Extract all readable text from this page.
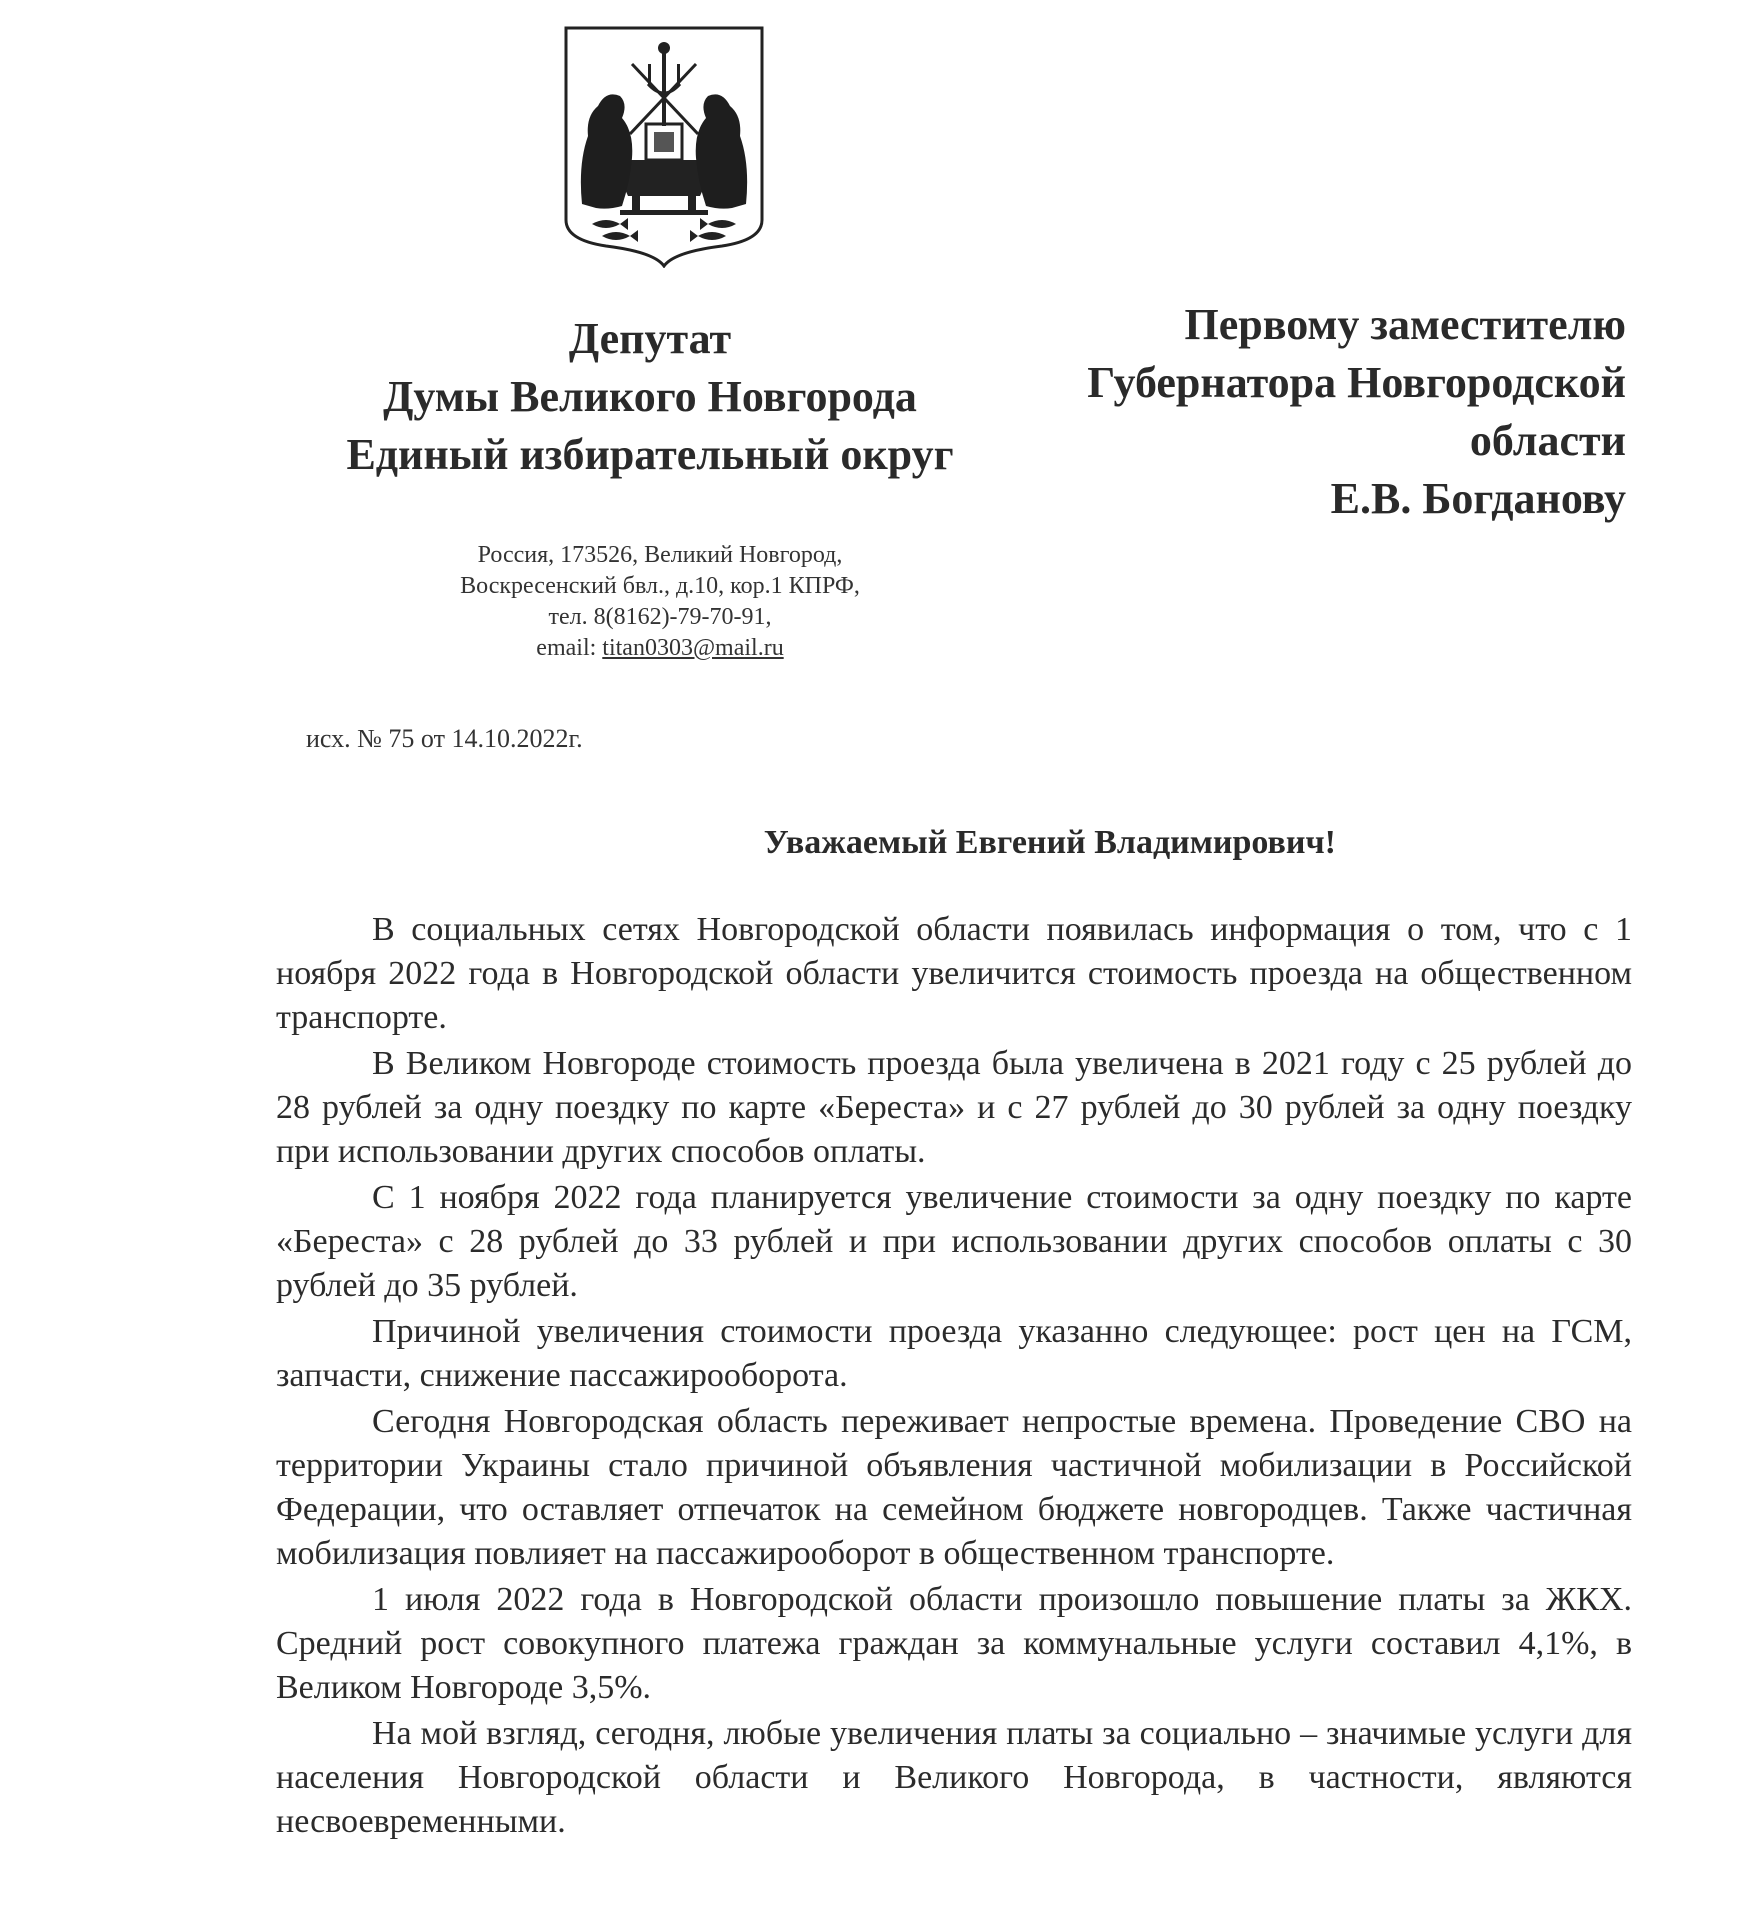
Депутат
Думы Великого Новгорода
Единый избирательный округ
Первому заместителю
Губернатора Новгородской
области
Е.В. Богданову
Россия, 173526, Великий Новгород,
Воскресенский бвл., д.10, кор.1 КПРФ,
тел. 8(8162)-79-70-91,
email: titan0303@mail.ru
исх. № 75 от 14.10.2022г.
Уважаемый Евгений Владимирович!

В социальных сетях Новгородской области появилась информация о том, что с 1 ноября 2022 года в Новгородской области увеличится стоимость проезда на общественном транспорте.

В Великом Новгороде стоимость проезда была увеличена в 2021 году с 25 рублей до 28 рублей за одну поездку по карте «Береста» и с 27 рублей до 30 рублей за одну поездку при использовании других способов оплаты.

С 1 ноября 2022 года планируется увеличение стоимости за одну поездку по карте «Береста» с 28 рублей до 33 рублей и при использовании других способов оплаты с 30 рублей до 35 рублей.

Причиной увеличения стоимости проезда указанно следующее: рост цен на ГСМ, запчасти, снижение пассажирооборота.

Сегодня Новгородская область переживает непростые времена. Проведение СВО на территории Украины стало причиной объявления частичной мобилизации в Российской Федерации, что оставляет отпечаток на семейном бюджете новгородцев. Также частичная мобилизация повлияет на пассажирооборот в общественном транспорте.

1 июля 2022 года в Новгородской области произошло повышение платы за ЖКХ. Средний рост совокупного платежа граждан за коммунальные услуги составил 4,1%, в Великом Новгороде 3,5%.

На мой взгляд, сегодня, любые увеличения платы за социально – значимые услуги для населения Новгородской области и Великого Новгорода, в частности, являются несвоевременными.
